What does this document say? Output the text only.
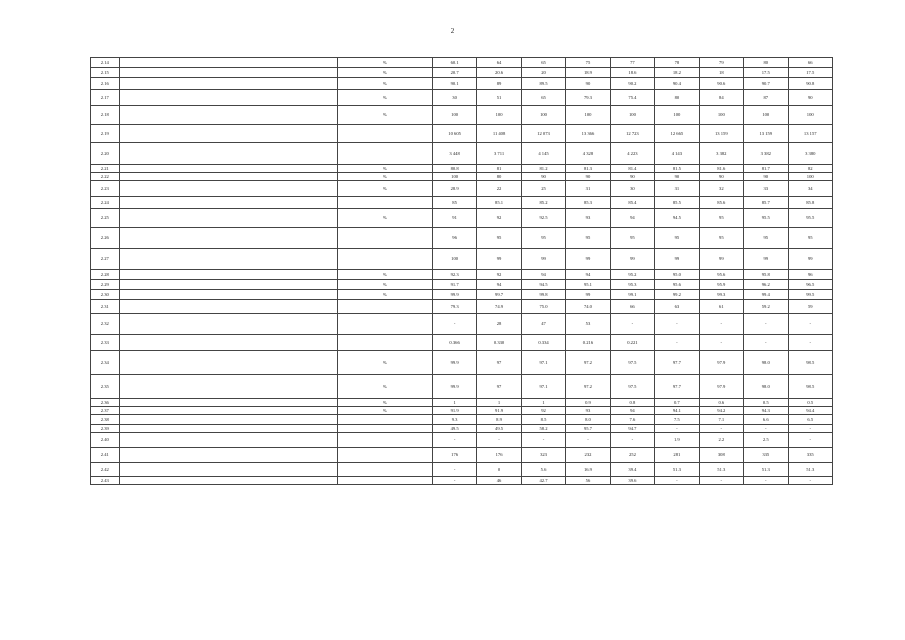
2
2.14		%	60.1	64	65	75	77	78	79	80	66
2.15		%	20.7	20.6	20	18.9	18.6	18.2	18	17.5	17.5
2.16		%	90.1	89	89.5	90	90.2	90.4	90.6	90.7	90.8
2.17		%	30	51	65	79.3	75.4	80	84	87	90
2.18		%	100	100	100	100	100	100	100	100	100
2.19			10 605	11 408	12 073	13 366	12 723	12 665	13 159	13 159	13 157
2.20			3 448	3 711	4 145	4 328	4 223	4 143	3 382	3 382	3 380
2.21		%	80.8	81	81.2	81.3	81.4	81.5	81.6	81.7	82
2.22		%	100	80	90	90	90	90	90	90	100
2.23		%	28.9	22	25	31	30	31	32	33	34
2.24			85	85.1	85.2	85.3	85.4	85.5	85.6	85.7	85.8
2.25		%	91	92	92.5	93	94	94.5	95	95.5	95.5
2.26			96	95	95	95	95	95	95	95	95
2.27			100	99	99	99	99	99	99	99	99
2.28		%	92.3	92	94	94	95.2	95.0	95.6	95.8	96
2.29		%	91.7	94	94.5	95.1	95.3	95.6	95.9	96.2	96.5
2.30		%	99.9	99.7	99.8	99	99.1	99.2	99.3	99.4	99.5
2.31			79.3	74.9	75.0	74.0	66	63	61	59.2	59
2.32			-	28	47	53	-	-	-	-	-
2.33			0.366	0.330	0.334	0.216	0.221	-	-	-	-
2.34		%	99.9	97	97.1	97.2	97.5	97.7	97.9	98.0	98.5
2.35		%	99.9	97	97.1	97.2	97.5	97.7	97.9	98.0	98.5
2.36		%	1	1	1	0.9	0.8	0.7	0.6	0.5	0.5
2.37		%	91.9	91.9	92	93	94	94.1	94.2	94.3	94.4
2.38			9.3	8.9	8.5	8.0	7.6	7.5	7.1	6.6	6.5
2.39			49.5	49.5	58.2	95.7	94.7	-	-	-	-
2.40			-	-	-	-	-	1.9	2.2	2.5	-
2.41			176	176	323	232	252	281	308	335	335
2.42			-	0	5.6	16.9	39.4	51.3	51.3	51.3	51.3
2.43			-	46	42.7	56	39.6	-	-	-	-
